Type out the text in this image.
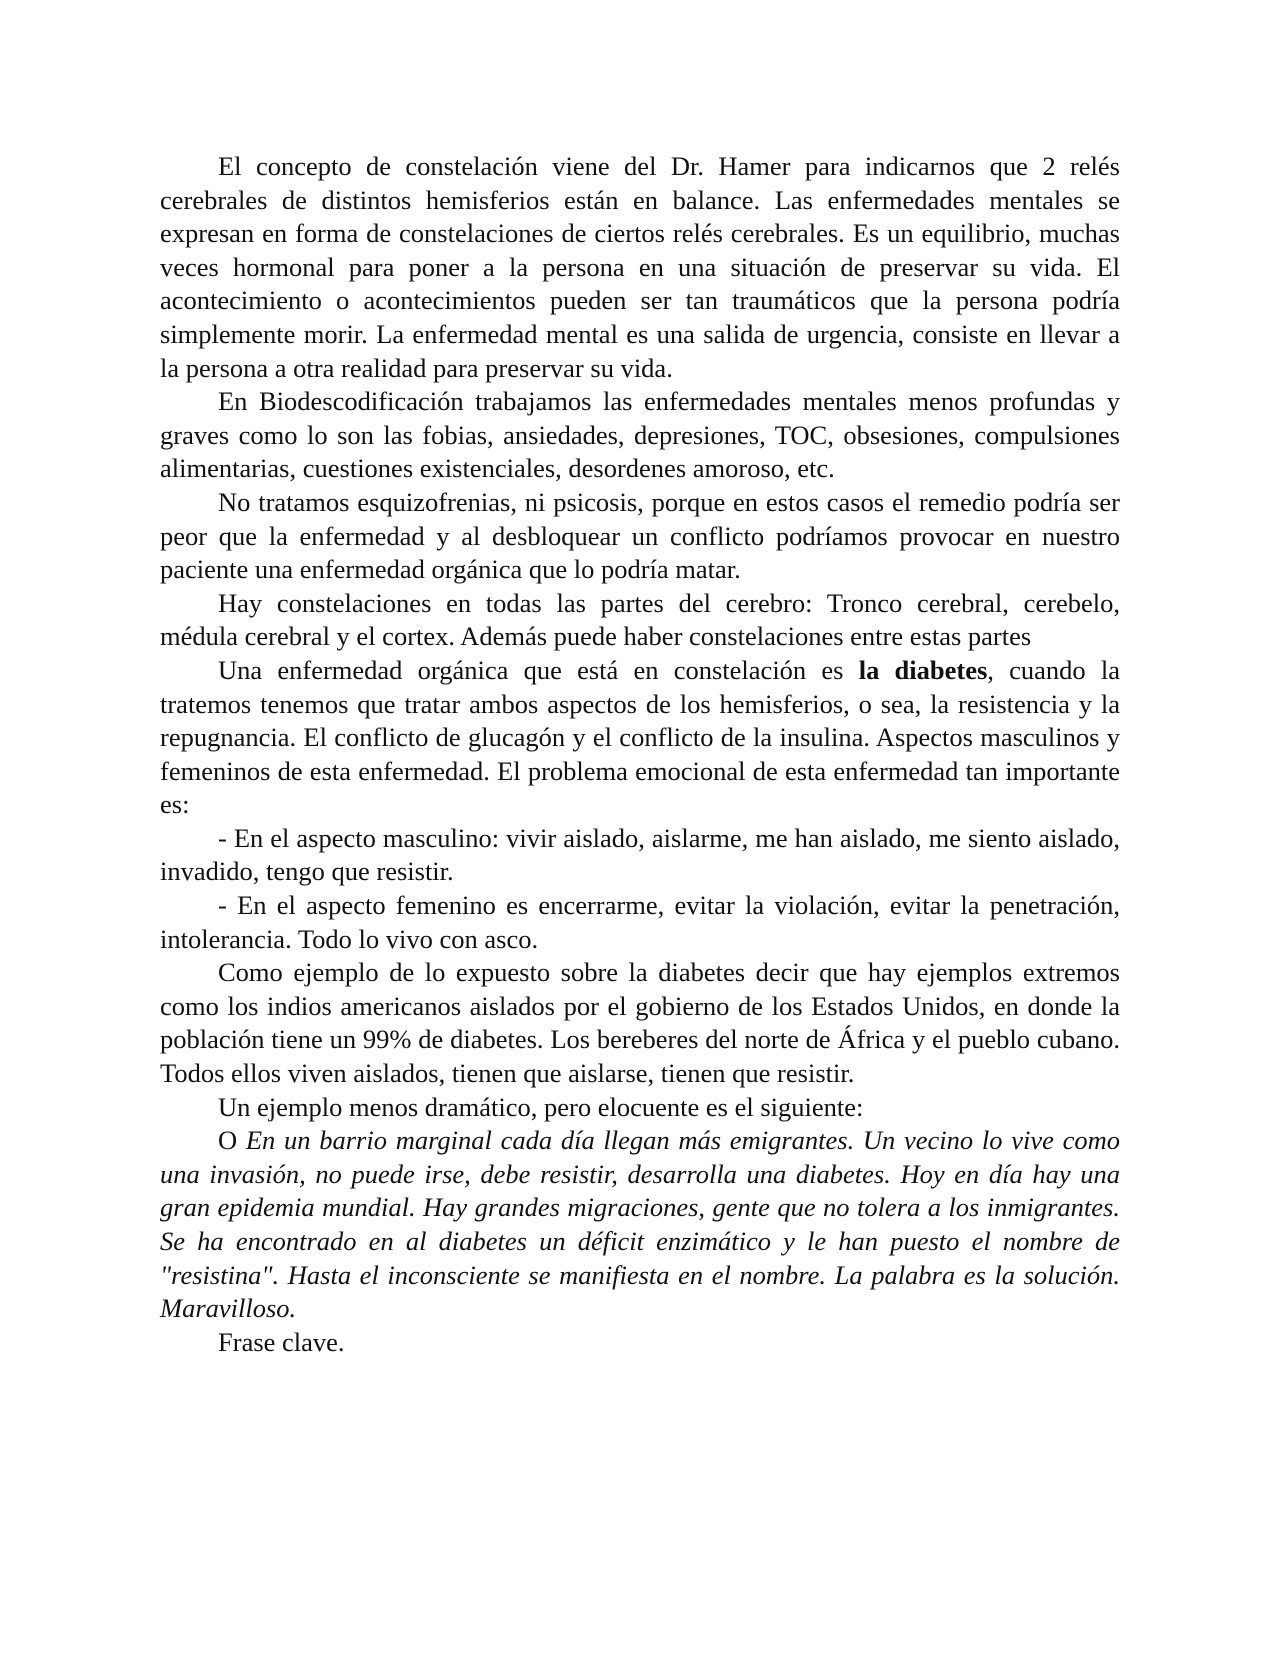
El concepto de constelación viene del Dr. Hamer para indicarnos que 2 relés cerebrales de distintos hemisferios están en balance. Las enfermedades mentales se expresan en forma de constelaciones de ciertos relés cerebrales. Es un equilibrio, muchas veces hormonal para poner a la persona en una situación de preservar su vida. El acontecimiento o acontecimientos pueden ser tan traumáticos que la persona podría simplemente morir. La enfermedad mental es una salida de urgencia, consiste en llevar a la persona a otra realidad para preservar su vida.

En Biodescodificación trabajamos las enfermedades mentales menos profundas y graves como lo son las fobias, ansiedades, depresiones, TOC, obsesiones, compulsiones alimentarias, cuestiones existenciales, desordenes amoroso, etc.

No tratamos esquizofrenias, ni psicosis, porque en estos casos el remedio podría ser peor que la enfermedad y al desbloquear un conflicto podríamos provocar en nuestro paciente una enfermedad orgánica que lo podría matar.

Hay constelaciones en todas las partes del cerebro: Tronco cerebral, cerebelo, médula cerebral y el cortex. Además puede haber constelaciones entre estas partes

Una enfermedad orgánica que está en constelación es la diabetes, cuando la tratemos tenemos que tratar ambos aspectos de los hemisferios, o sea, la resistencia y la repugnancia. El conflicto de glucagón y el conflicto de la insulina. Aspectos masculinos y femeninos de esta enfermedad. El problema emocional de esta enfermedad tan importante es:

- En el aspecto masculino: vivir aislado, aislarme, me han aislado, me siento aislado, invadido, tengo que resistir.

- En el aspecto femenino es encerrarme, evitar la violación, evitar la penetración, intolerancia. Todo lo vivo con asco.

Como ejemplo de lo expuesto sobre la diabetes decir que hay ejemplos extremos como los indios americanos aislados por el gobierno de los Estados Unidos, en donde la población tiene un 99% de diabetes. Los bereberes del norte de África y el pueblo cubano. Todos ellos viven aislados, tienen que aislarse, tienen que resistir.

Un ejemplo menos dramático, pero elocuente es el siguiente:

O En un barrio marginal cada día llegan más emigrantes. Un vecino lo vive como una invasión, no puede irse, debe resistir, desarrolla una diabetes. Hoy en día hay una gran epidemia mundial. Hay grandes migraciones, gente que no tolera a los inmigrantes. Se ha encontrado en al diabetes un déficit enzimático y le han puesto el nombre de "resistina". Hasta el inconsciente se manifiesta en el nombre. La palabra es la solución. Maravilloso.

Frase clave.
